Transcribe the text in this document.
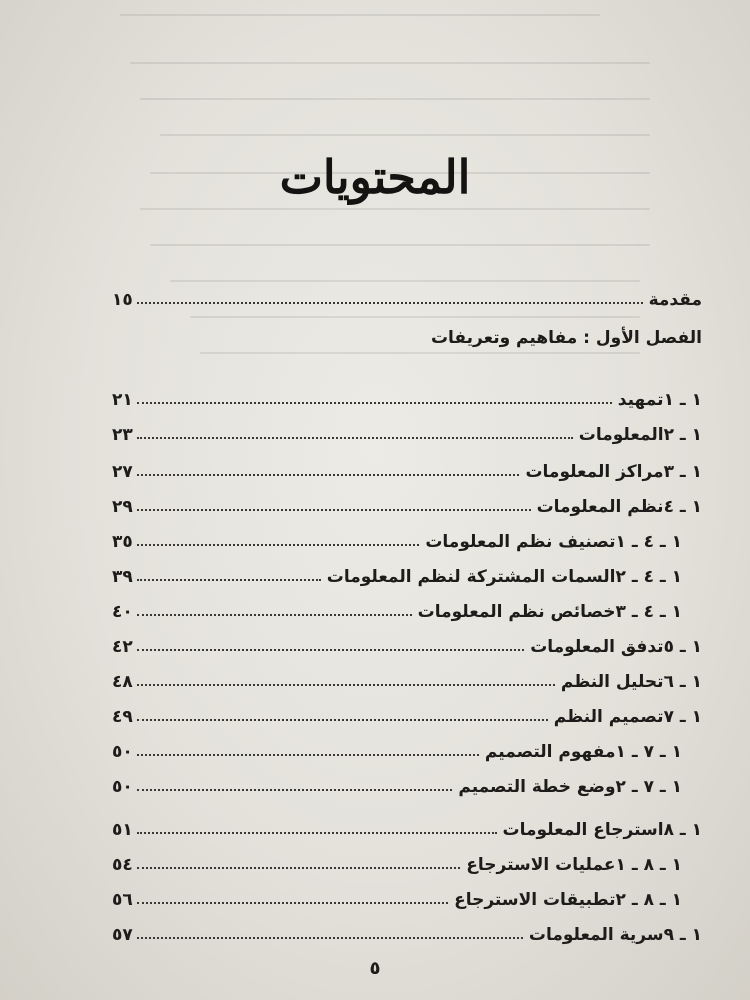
المحتويات
مقدمة
١٥
الفصل الأول : مفاهيم وتعريفات
١ ـ ١
تمهيد
٢١
١ ـ ٢
المعلومات
٢٣
١ ـ ٣
مراكز المعلومات
٢٧
١ ـ ٤
نظم المعلومات
٢٩
١ ـ ٤ ـ ١
تصنيف نظم المعلومات
٣٥
١ ـ ٤ ـ ٢
السمات المشتركة لنظم المعلومات
٣٩
١ ـ ٤ ـ ٣
خصائص نظم المعلومات
٤٠
١ ـ ٥
تدفق المعلومات
٤٢
١ ـ ٦
تحليل النظم
٤٨
١ ـ ٧
تصميم النظم
٤٩
١ ـ ٧ ـ ١
مفهوم التصميم
٥٠
١ ـ ٧ ـ ٢
وضع خطة التصميم
٥٠
١ ـ ٨
استرجاع المعلومات
٥١
١ ـ ٨ ـ ١
عمليات الاسترجاع
٥٤
١ ـ ٨ ـ ٢
تطبيقات الاسترجاع
٥٦
١ ـ ٩
سرية المعلومات
٥٧
٥
